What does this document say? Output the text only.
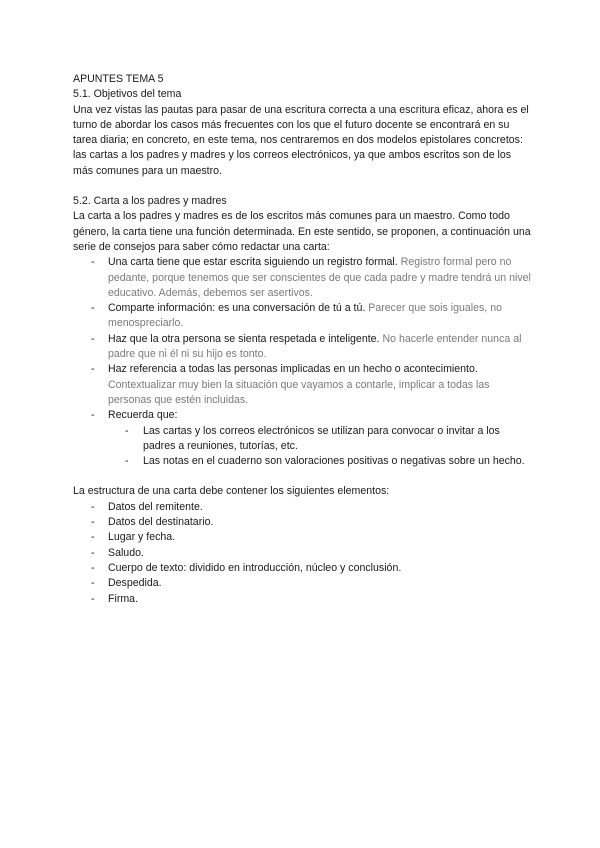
APUNTES TEMA 5

5.1. Objetivos del tema

Una vez vistas las pautas para pasar de una escritura correcta a una escritura eficaz, ahora es el turno de abordar los casos más frecuentes con los que el futuro docente se encontrará en su tarea diaria; en concreto, en este tema, nos centraremos en dos modelos epistolares concretos: las cartas a los padres y madres y los correos electrónicos, ya que ambos escritos son de los más comunes para un maestro.

5.2. Carta a los padres y madres

La carta a los padres y madres es de los escritos más comunes para un maestro. Como todo género, la carta tiene una función determinada. En este sentido, se proponen, a continuación una serie de consejos para saber cómo redactar una carta:

- Una carta tiene que estar escrita siguiendo un registro formal. Registro formal pero no pedante, porque tenemos que ser conscientes de que cada padre y madre tendrá un nivel educativo. Además, debemos ser asertivos.
- Comparte información: es una conversación de tú a tú. Parecer que sois iguales, no menospreciarlo.
- Haz que la otra persona se sienta respetada e inteligente. No hacerle entender nunca al padre que ni él ni su hijo es tonto.
- Haz referencia a todas las personas implicadas en un hecho o acontecimiento. Contextualizar muy bien la situación que vayamos a contarle, implicar a todas las personas que estén incluidas.
- Recuerda que:
- Las cartas y los correos electrónicos se utilizan para convocar o invitar a los padres a reuniones, tutorías, etc.
- Las notas en el cuaderno son valoraciones positivas o negativas sobre un hecho.

La estructura de una carta debe contener los siguientes elementos:

- Datos del remitente.
- Datos del destinatario.
- Lugar y fecha.
- Saludo.
- Cuerpo de texto: dividido en introducción, núcleo y conclusión.
- Despedida.
- Firma.
